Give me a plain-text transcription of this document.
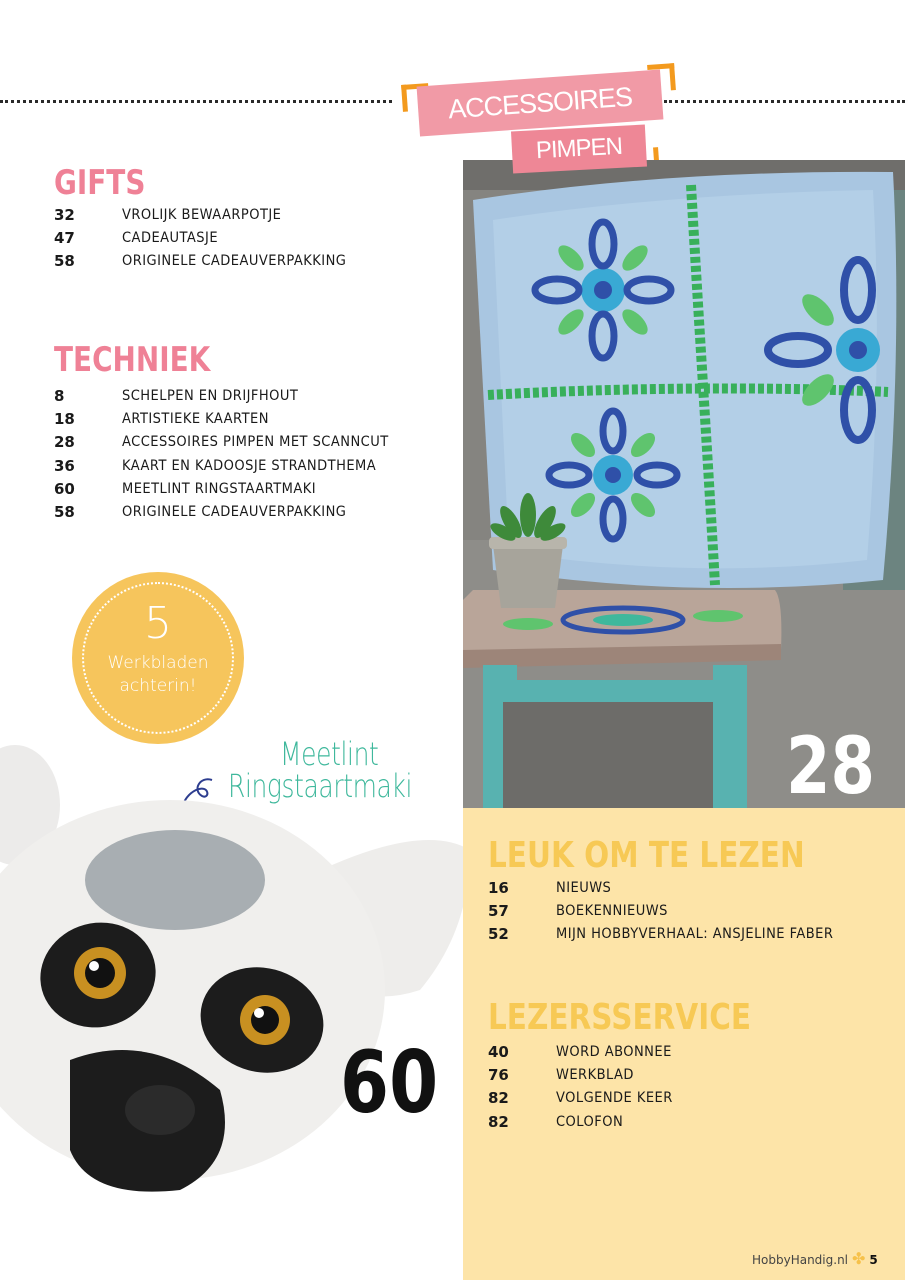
28
ACCESSOIRES
PIMPEN
GIFTS
32	VROLIJK BEWAARPOTJE
47	CADEAUTASJE
58	ORIGINELE CADEAUVERPAKKING
TECHNIEK
8	SCHELPEN EN DRIJFHOUT
18	ARTISTIEKE KAARTEN
28	ACCESSOIRES PIMPEN MET SCANNCUT
36	KAART EN KADOOSJE STRANDTHEMA
60	MEETLINT RINGSTAARTMAKI
58	ORIGINELE CADEAUVERPAKKING
5
Werkbladen
achterin!
Meetlint
Ringstaartmaki
60
LEUK OM TE LEZEN
16	NIEUWS
57	BOEKENNIEUWS
52	MIJN HOBBYVERHAAL: ANSJELINE FABER
LEZERSSERVICE
40	WORD ABONNEE
76	WERKBLAD
82	VOLGENDE KEER
82	COLOFON
HobbyHandig.nl ✤ 5
